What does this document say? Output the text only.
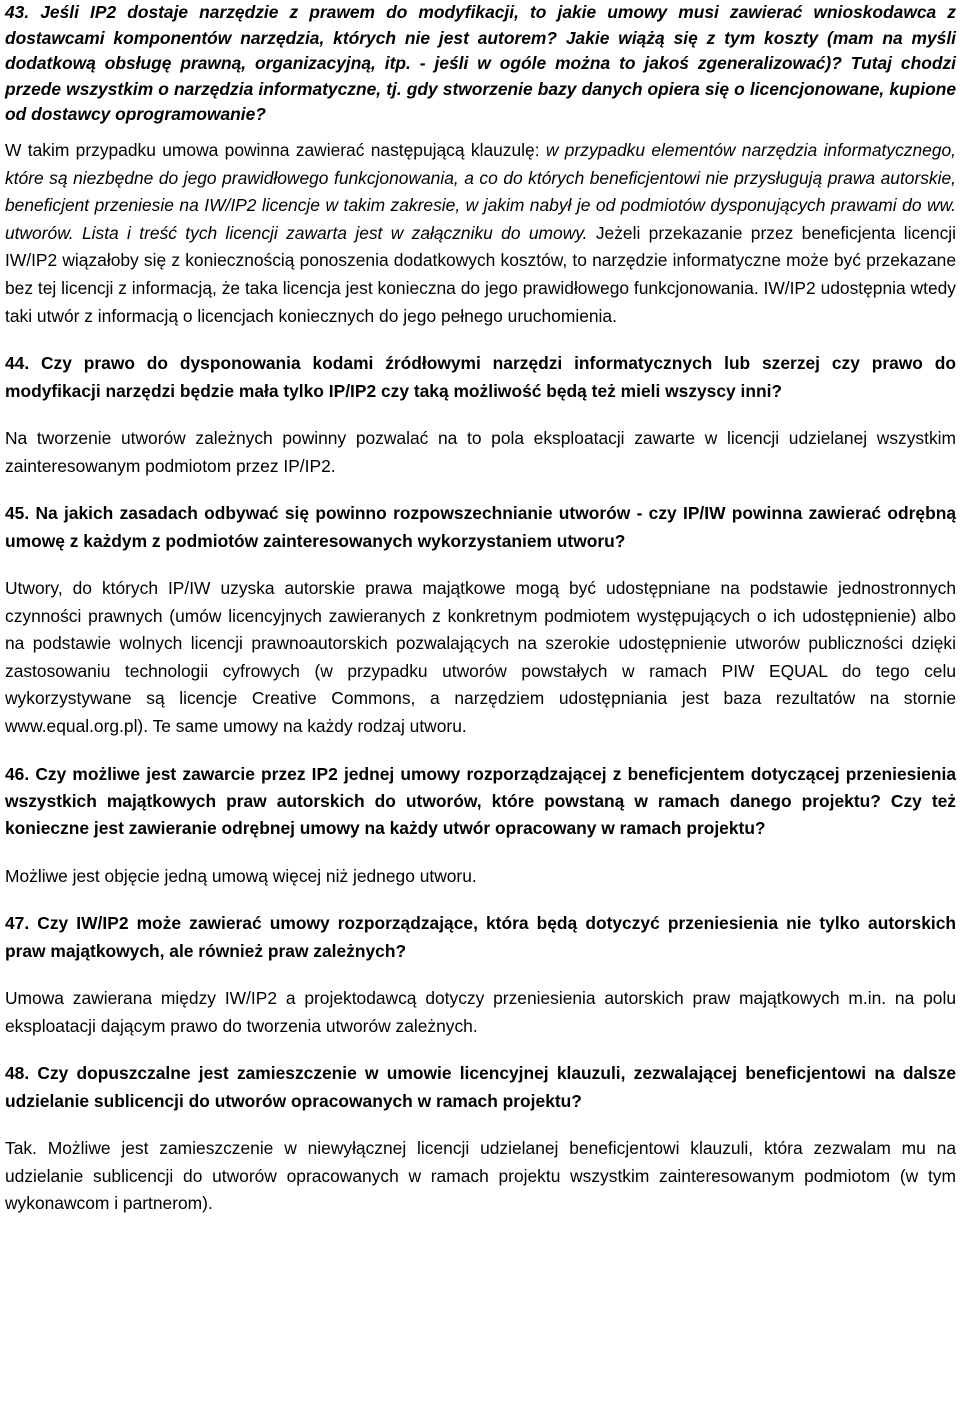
43. Jeśli IP2 dostaje narzędzie z prawem do modyfikacji, to jakie umowy musi zawierać wnioskodawca z dostawcami komponentów narzędzia, których nie jest autorem? Jakie wiążą się z tym koszty (mam na myśli dodatkową obsługę prawną, organizacyjną, itp. - jeśli w ogóle można to jakoś zgeneralizować)? Tutaj chodzi przede wszystkim o narzędzia informatyczne, tj. gdy stworzenie bazy danych opiera się o licencjonowane, kupione od dostawcy oprogramowanie?

W takim przypadku umowa powinna zawierać następującą klauzulę: w przypadku elementów narzędzia informatycznego, które są niezbędne do jego prawidłowego funkcjonowania, a co do których beneficjentowi nie przysługują prawa autorskie, beneficjent przeniesie na IW/IP2 licencje w takim zakresie, w jakim nabył je od podmiotów dysponujących prawami do ww. utworów. Lista i treść tych licencji zawarta jest w załączniku do umowy. Jeżeli przekazanie przez beneficjenta licencji IW/IP2 wiązałoby się z koniecznością ponoszenia dodatkowych kosztów, to narzędzie informatyczne może być przekazane bez tej licencji z informacją, że taka licencja jest konieczna do jego prawidłowego funkcjonowania. IW/IP2 udostępnia wtedy taki utwór z informacją o licencjach koniecznych do jego pełnego uruchomienia.

44. Czy prawo do dysponowania kodami źródłowymi narzędzi informatycznych lub szerzej czy prawo do modyfikacji narzędzi będzie mała tylko IP/IP2 czy taką możliwość będą też mieli wszyscy inni?

Na tworzenie utworów zależnych powinny pozwalać na to pola eksploatacji zawarte w licencji udzielanej wszystkim zainteresowanym podmiotom przez IP/IP2.

45. Na jakich zasadach odbywać się powinno rozpowszechnianie utworów - czy IP/IW powinna zawierać odrębną umowę z każdym z podmiotów zainteresowanych wykorzystaniem utworu?

Utwory, do których IP/IW uzyska autorskie prawa majątkowe mogą być udostępniane na podstawie jednostronnych czynności prawnych (umów licencyjnych zawieranych z konkretnym podmiotem występujących o ich udostępnienie) albo na podstawie wolnych licencji prawnoautorskich pozwalających na szerokie udostępnienie utworów publiczności dzięki zastosowaniu technologii cyfrowych (w przypadku utworów powstałych w ramach PIW EQUAL do tego celu wykorzystywane są licencje Creative Commons, a narzędziem udostępniania jest baza rezultatów na stornie www.equal.org.pl). Te same umowy na każdy rodzaj utworu.

46. Czy możliwe jest zawarcie przez IP2 jednej umowy rozporządzającej z beneficjentem dotyczącej przeniesienia wszystkich majątkowych praw autorskich do utworów, które powstaną w ramach danego projektu? Czy też konieczne jest zawieranie odrębnej umowy na każdy utwór opracowany w ramach projektu?

Możliwe jest objęcie jedną umową więcej niż jednego utworu.

47. Czy IW/IP2 może zawierać umowy rozporządzające, która będą dotyczyć przeniesienia nie tylko autorskich praw majątkowych, ale również praw zależnych?

Umowa zawierana między IW/IP2 a projektodawcą dotyczy przeniesienia autorskich praw majątkowych m.in. na polu eksploatacji dającym prawo do tworzenia utworów zależnych.

48. Czy dopuszczalne jest zamieszczenie w umowie licencyjnej klauzuli, zezwalającej beneficjentowi na dalsze udzielanie sublicencji do utworów opracowanych w ramach projektu?

Tak. Możliwe jest zamieszczenie w niewyłącznej licencji udzielanej beneficjentowi klauzuli, która zezwalam mu na udzielanie sublicencji do utworów opracowanych w ramach projektu wszystkim zainteresowanym podmiotom (w tym wykonawcom i partnerom).
